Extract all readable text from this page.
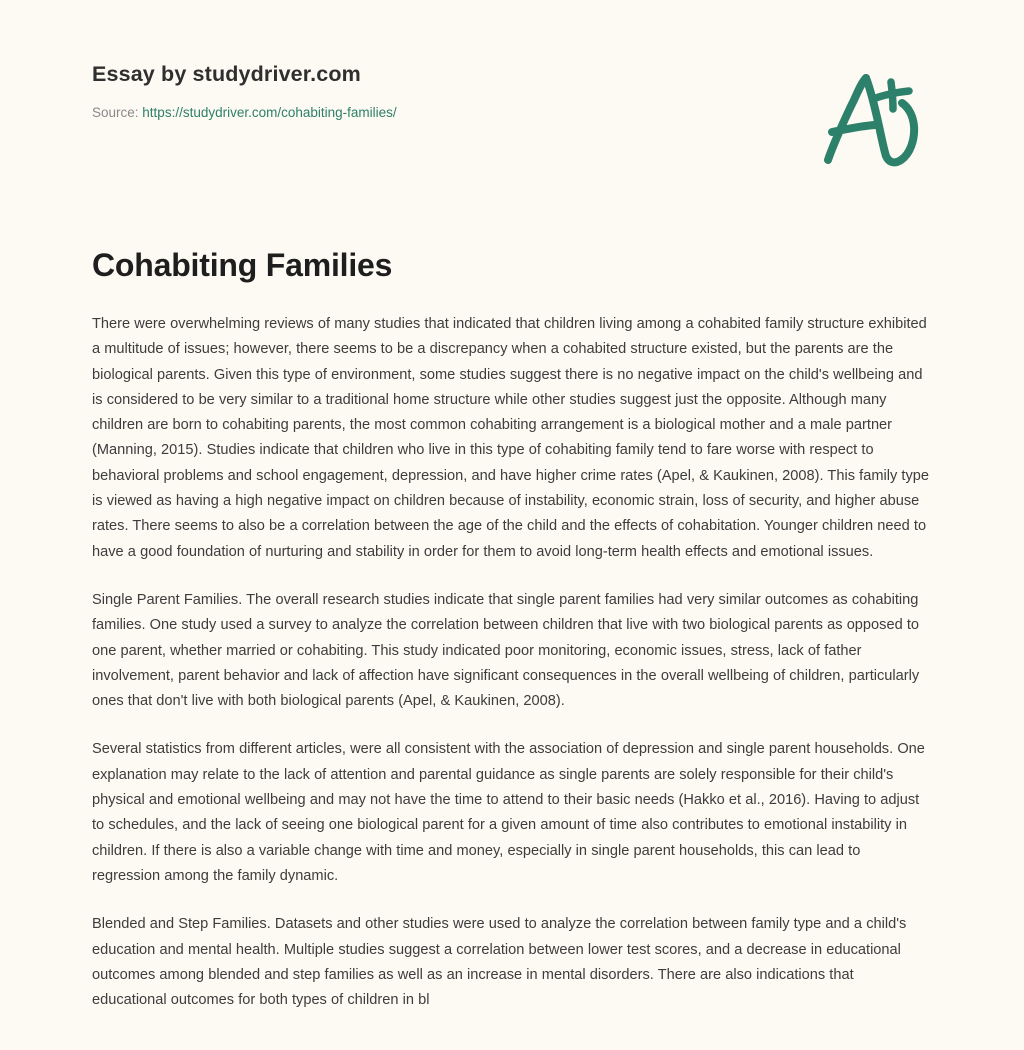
Essay by studydriver.com
Source: https://studydriver.com/cohabiting-families/
Cohabiting Families

There were overwhelming reviews of many studies that indicated that children living among a cohabited family structure exhibited a multitude of issues; however, there seems to be a discrepancy when a cohabited structure existed, but the parents are the biological parents. Given this type of environment, some studies suggest there is no negative impact on the child's wellbeing and is considered to be very similar to a traditional home structure while other studies suggest just the opposite. Although many children are born to cohabiting parents, the most common cohabiting arrangement is a biological mother and a male partner (Manning, 2015). Studies indicate that children who live in this type of cohabiting family tend to fare worse with respect to behavioral problems and school engagement, depression, and have higher crime rates (Apel, & Kaukinen, 2008). This family type is viewed as having a high negative impact on children because of instability, economic strain, loss of security, and higher abuse rates. There seems to also be a correlation between the age of the child and the effects of cohabitation. Younger children need to have a good foundation of nurturing and stability in order for them to avoid long-term health effects and emotional issues.

Single Parent Families. The overall research studies indicate that single parent families had very similar outcomes as cohabiting families. One study used a survey to analyze the correlation between children that live with two biological parents as opposed to one parent, whether married or cohabiting. This study indicated poor monitoring, economic issues, stress, lack of father involvement, parent behavior and lack of affection have significant consequences in the overall wellbeing of children, particularly ones that don't live with both biological parents (Apel, & Kaukinen, 2008).

Several statistics from different articles, were all consistent with the association of depression and single parent households. One explanation may relate to the lack of attention and parental guidance as single parents are solely responsible for their child's physical and emotional wellbeing and may not have the time to attend to their basic needs (Hakko et al., 2016). Having to adjust to schedules, and the lack of seeing one biological parent for a given amount of time also contributes to emotional instability in children. If there is also a variable change with time and money, especially in single parent households, this can lead to regression among the family dynamic.

Blended and Step Families. Datasets and other studies were used to analyze the correlation between family type and a child's education and mental health. Multiple studies suggest a correlation between lower test scores, and a decrease in educational outcomes among blended and step families as well as an increase in mental disorders. There are also indications that educational outcomes for both types of children in bl
